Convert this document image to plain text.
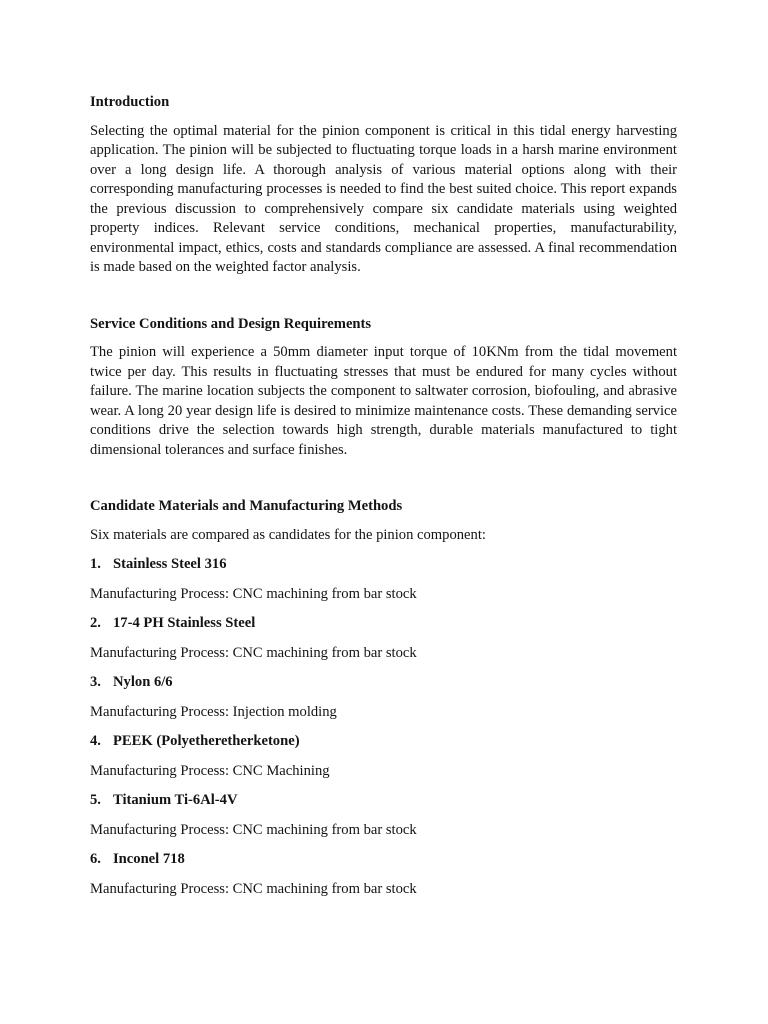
Introduction

Selecting the optimal material for the pinion component is critical in this tidal energy harvesting application. The pinion will be subjected to fluctuating torque loads in a harsh marine environment over a long design life. A thorough analysis of various material options along with their corresponding manufacturing processes is needed to find the best suited choice. This report expands the previous discussion to comprehensively compare six candidate materials using weighted property indices. Relevant service conditions, mechanical properties, manufacturability, environmental impact, ethics, costs and standards compliance are assessed. A final recommendation is made based on the weighted factor analysis.

Service Conditions and Design Requirements

The pinion will experience a 50mm diameter input torque of 10KNm from the tidal movement twice per day. This results in fluctuating stresses that must be endured for many cycles without failure. The marine location subjects the component to saltwater corrosion, biofouling, and abrasive wear. A long 20 year design life is desired to minimize maintenance costs. These demanding service conditions drive the selection towards high strength, durable materials manufactured to tight dimensional tolerances and surface finishes.

Candidate Materials and Manufacturing Methods

Six materials are compared as candidates for the pinion component:

1. Stainless Steel 316
Manufacturing Process: CNC machining from bar stock
2. 17-4 PH Stainless Steel
Manufacturing Process: CNC machining from bar stock
3. Nylon 6/6
Manufacturing Process: Injection molding
4. PEEK (Polyetheretherketone)
Manufacturing Process: CNC Machining
5. Titanium Ti-6Al-4V
Manufacturing Process: CNC machining from bar stock
6. Inconel 718
Manufacturing Process: CNC machining from bar stock
